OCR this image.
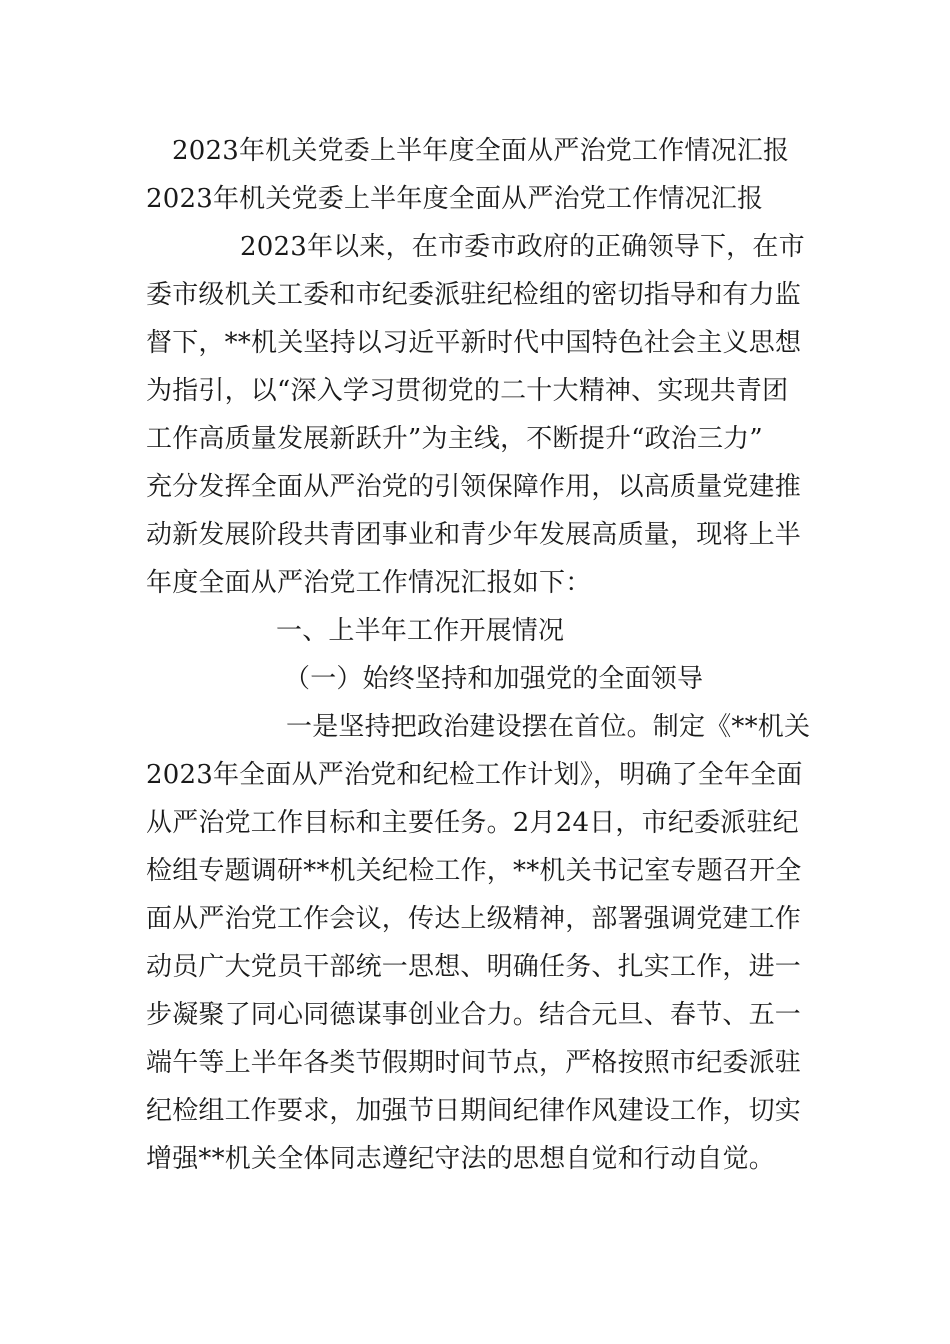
2023年机关党委上半年度全面从严治党工作情况汇报
2023年机关党委上半年度全面从严治党工作情况汇报
2023年以来，在市委市政府的正确领导下，在市
委市级机关工委和市纪委派驻纪检组的密切指导和有力监
督下，**机关坚持以习近平新时代中国特色社会主义思想
为指引，以“深入学习贯彻党的二十大精神、实现共青团
工作高质量发展新跃升”为主线，不断提升“政治三力”
充分发挥全面从严治党的引领保障作用，以高质量党建推
动新发展阶段共青团事业和青少年发展高质量，现将上半
年度全面从严治党工作情况汇报如下：
一、上半年工作开展情况
（一）始终坚持和加强党的全面领导
一是坚持把政治建设摆在首位。制定《**机关
2023年全面从严治党和纪检工作计划》，明确了全年全面
从严治党工作目标和主要任务。2月24日，市纪委派驻纪
检组专题调研**机关纪检工作，**机关书记室专题召开全
面从严治党工作会议，传达上级精神，部署强调党建工作
动员广大党员干部统一思想、明确任务、扎实工作，进一
步凝聚了同心同德谋事创业合力。结合元旦、春节、五一
端午等上半年各类节假期时间节点，严格按照市纪委派驻
纪检组工作要求，加强节日期间纪律作风建设工作，切实
增强**机关全体同志遵纪守法的思想自觉和行动自觉。
